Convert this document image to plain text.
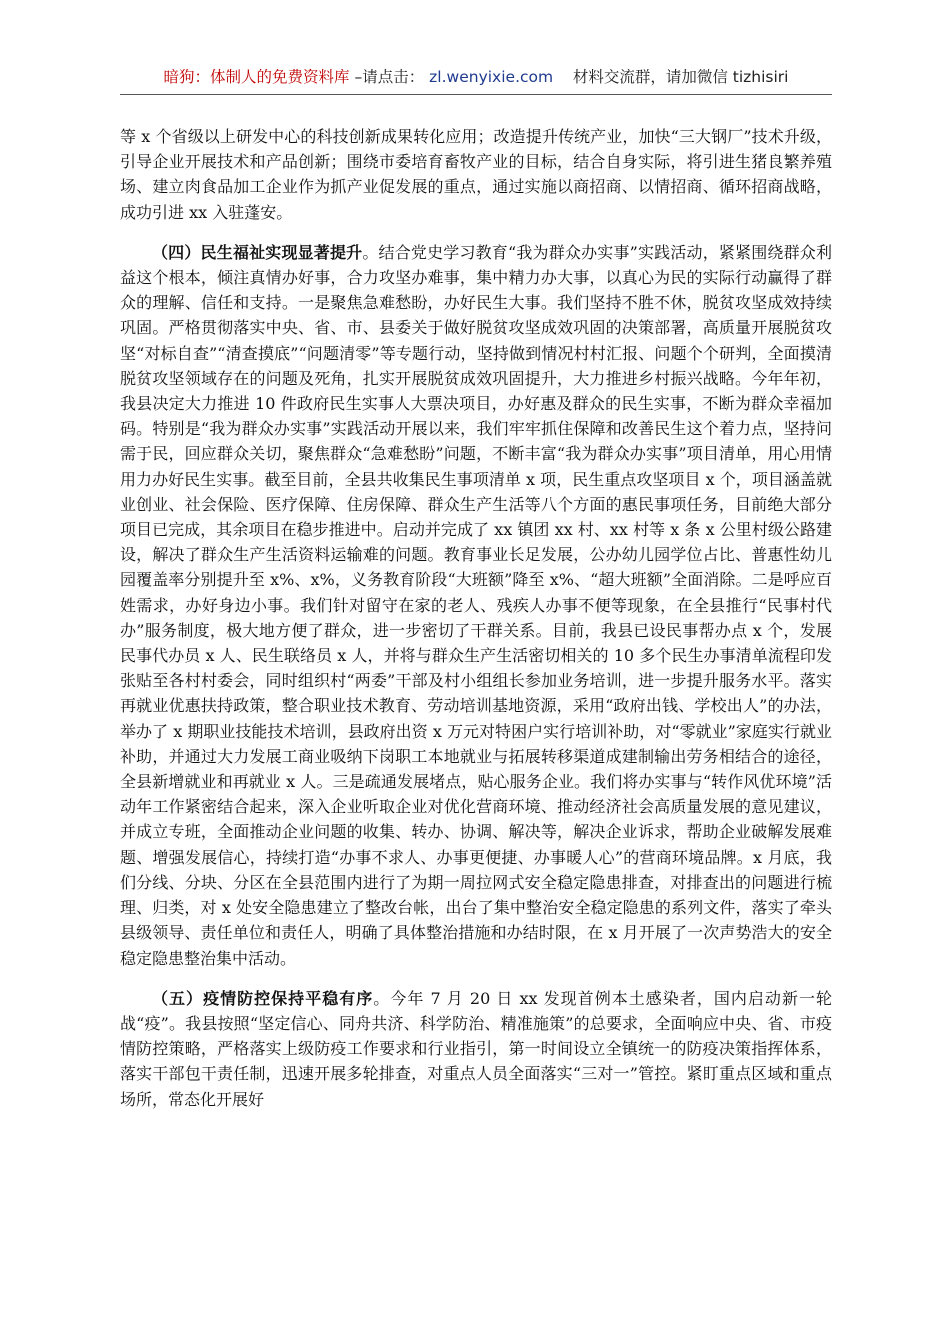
暗狗：体制人的免费资料库 –请点击： zl.wenyixie.com 材料交流群，请加微信 tizhisiri

等 x 个省级以上研发中心的科技创新成果转化应用；改造提升传统产业，加快“三大钢厂”技术升级，引导企业开展技术和产品创新；围绕市委培育畜牧产业的目标，结合自身实际，将引进生猪良繁养殖场、建立肉食品加工企业作为抓产业促发展的重点，通过实施以商招商、以情招商、循环招商战略，成功引进 xx 入驻蓬安。

（四）民生福祉实现显著提升。结合党史学习教育“我为群众办实事”实践活动，紧紧围绕群众利益这个根本，倾注真情办好事，合力攻坚办难事，集中精力办大事，以真心为民的实际行动赢得了群众的理解、信任和支持。一是聚焦急难愁盼，办好民生大事。我们坚持不胜不休，脱贫攻坚成效持续巩固。严格贯彻落实中央、省、市、县委关于做好脱贫攻坚成效巩固的决策部署，高质量开展脱贫攻坚“对标自查”“清查摸底”“问题清零”等专题行动，坚持做到情况村村汇报、问题个个研判，全面摸清脱贫攻坚领域存在的问题及死角，扎实开展脱贫成效巩固提升，大力推进乡村振兴战略。今年年初，我县决定大力推进 10 件政府民生实事人大票决项目，办好惠及群众的民生实事，不断为群众幸福加码。特别是“我为群众办实事”实践活动开展以来，我们牢牢抓住保障和改善民生这个着力点，坚持问需于民，回应群众关切，聚焦群众“急难愁盼”问题，不断丰富“我为群众办实事”项目清单，用心用情用力办好民生实事。截至目前，全县共收集民生事项清单 x 项，民生重点攻坚项目 x 个，项目涵盖就业创业、社会保险、医疗保障、住房保障、群众生产生活等八个方面的惠民事项任务，目前绝大部分项目已完成，其余项目在稳步推进中。启动并完成了 xx 镇团 xx 村、xx 村等 x 条 x 公里村级公路建设，解决了群众生产生活资料运输难的问题。教育事业长足发展，公办幼儿园学位占比、普惠性幼儿园覆盖率分别提升至 x%、x%，义务教育阶段“大班额”降至 x%、“超大班额”全面消除。二是呼应百姓需求，办好身边小事。我们针对留守在家的老人、残疾人办事不便等现象，在全县推行“民事村代办”服务制度，极大地方便了群众，进一步密切了干群关系。目前，我县已设民事帮办点 x 个，发展民事代办员 x 人、民生联络员 x 人，并将与群众生产生活密切相关的 10 多个民生办事清单流程印发张贴至各村村委会，同时组织村“两委”干部及村小组组长参加业务培训，进一步提升服务水平。落实再就业优惠扶持政策，整合职业技术教育、劳动培训基地资源，采用“政府出钱、学校出人”的办法，举办了 x 期职业技能技术培训，县政府出资 x 万元对特困户实行培训补助，对“零就业”家庭实行就业补助，并通过大力发展工商业吸纳下岗职工本地就业与拓展转移渠道成建制输出劳务相结合的途径，全县新增就业和再就业 x 人。三是疏通发展堵点，贴心服务企业。我们将办实事与“转作风优环境”活动年工作紧密结合起来，深入企业听取企业对优化营商环境、推动经济社会高质量发展的意见建议，并成立专班，全面推动企业问题的收集、转办、协调、解决等，解决企业诉求，帮助企业破解发展难题、增强发展信心，持续打造“办事不求人、办事更便捷、办事暖人心”的营商环境品牌。x 月底，我们分线、分块、分区在全县范围内进行了为期一周拉网式安全稳定隐患排查，对排查出的问题进行梳理、归类，对 x 处安全隐患建立了整改台帐，出台了集中整治安全稳定隐患的系列文件，落实了牵头县级领导、责任单位和责任人，明确了具体整治措施和办结时限，在 x 月开展了一次声势浩大的安全稳定隐患整治集中活动。

（五）疫情防控保持平稳有序。今年 7 月 20 日 xx 发现首例本土感染者，国内启动新一轮战“疫”。我县按照“坚定信心、同舟共济、科学防治、精准施策”的总要求，全面响应中央、省、市疫情防控策略，严格落实上级防疫工作要求和行业指引，第一时间设立全镇统一的防疫决策指挥体系，落实干部包干责任制，迅速开展多轮排查，对重点人员全面落实“三对一”管控。紧盯重点区域和重点场所，常态化开展好
